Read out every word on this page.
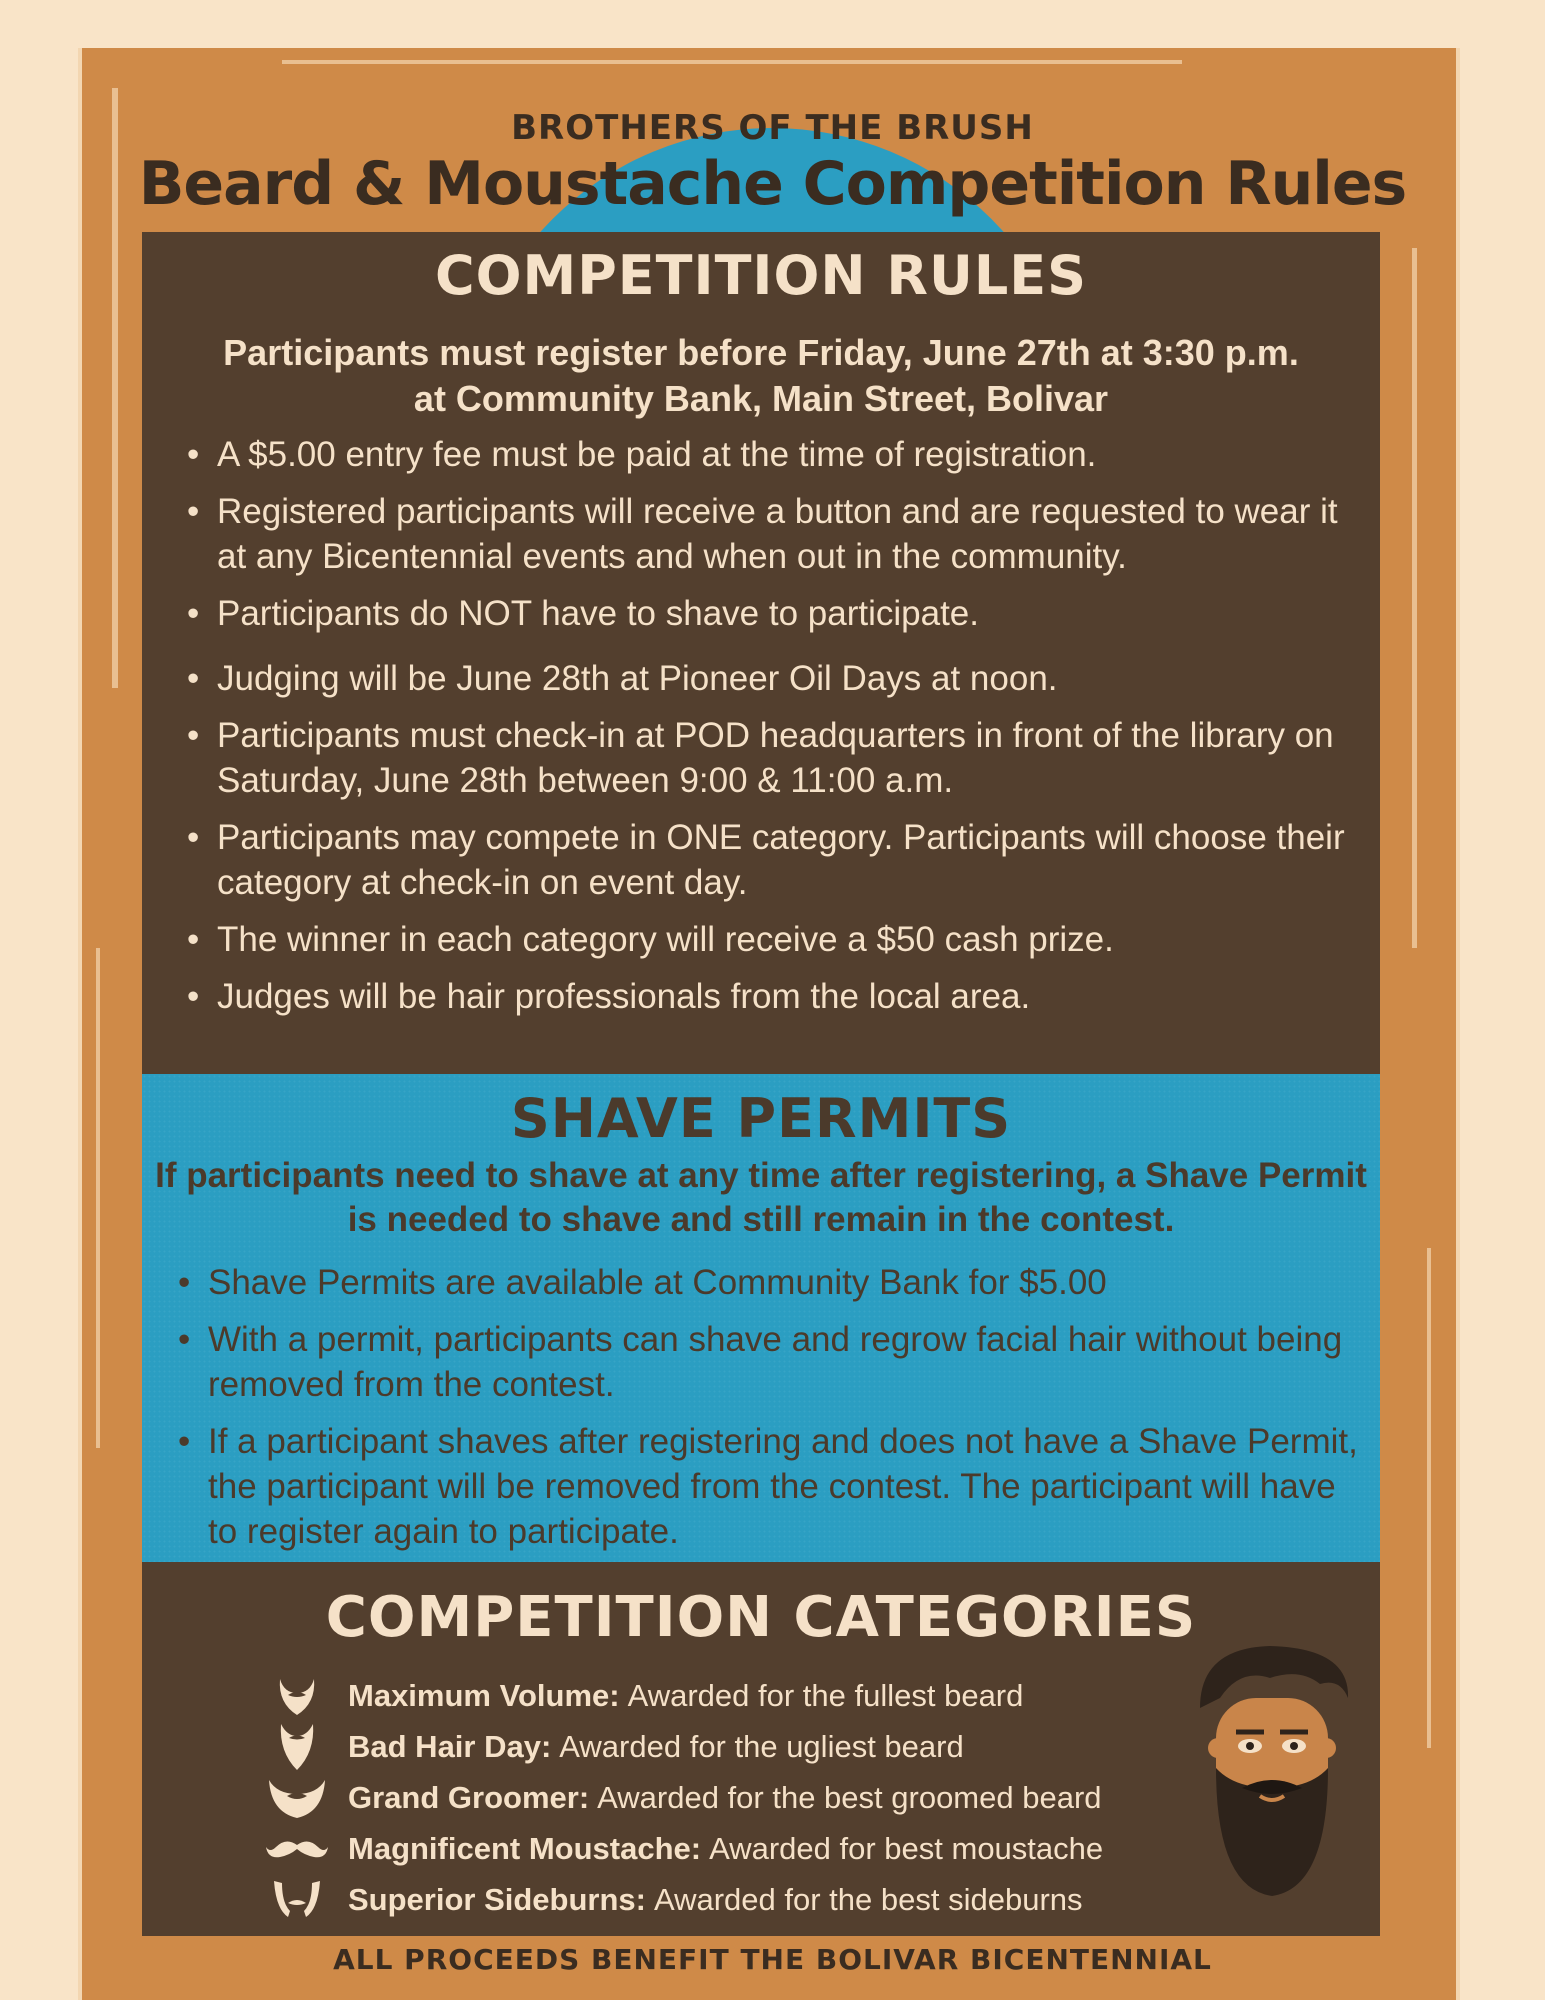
BROTHERS OF THE BRUSH

Beard & Moustache Competition Rules

COMPETITION RULES
Participants must register before Friday, June 27th at 3:30 p.m.
at Community Bank, Main Street, Bolivar
• A $5.00 entry fee must be paid at the time of registration.
• Registered participants will receive a button and are requested to wear it at any Bicentennial events and when out in the community.
• Participants do NOT have to shave to participate.
• Judging will be June 28th at Pioneer Oil Days at noon.
• Participants must check-in at POD headquarters in front of the library on Saturday, June 28th between 9:00 & 11:00 a.m.
• Participants may compete in ONE category. Participants will choose their category at check-in on event day.
• The winner in each category will receive a $50 cash prize.
• Judges will be hair professionals from the local area.
SHAVE PERMITS
If participants need to shave at any time after registering, a Shave Permit is needed to shave and still remain in the contest.
• Shave Permits are available at Community Bank for $5.00
• With a permit, participants can shave and regrow facial hair without being removed from the contest.
• If a participant shaves after registering and does not have a Shave Permit, the participant will be removed from the contest. The participant will have to register again to participate.
COMPETITION CATEGORIES
Maximum Volume: Awarded for the fullest beard
Bad Hair Day: Awarded for the ugliest beard
Grand Groomer: Awarded for the best groomed beard
Magnificent Moustache: Awarded for best moustache
Superior Sideburns: Awarded for the best sideburns
ALL PROCEEDS BENEFIT THE BOLIVAR BICENTENNIAL
